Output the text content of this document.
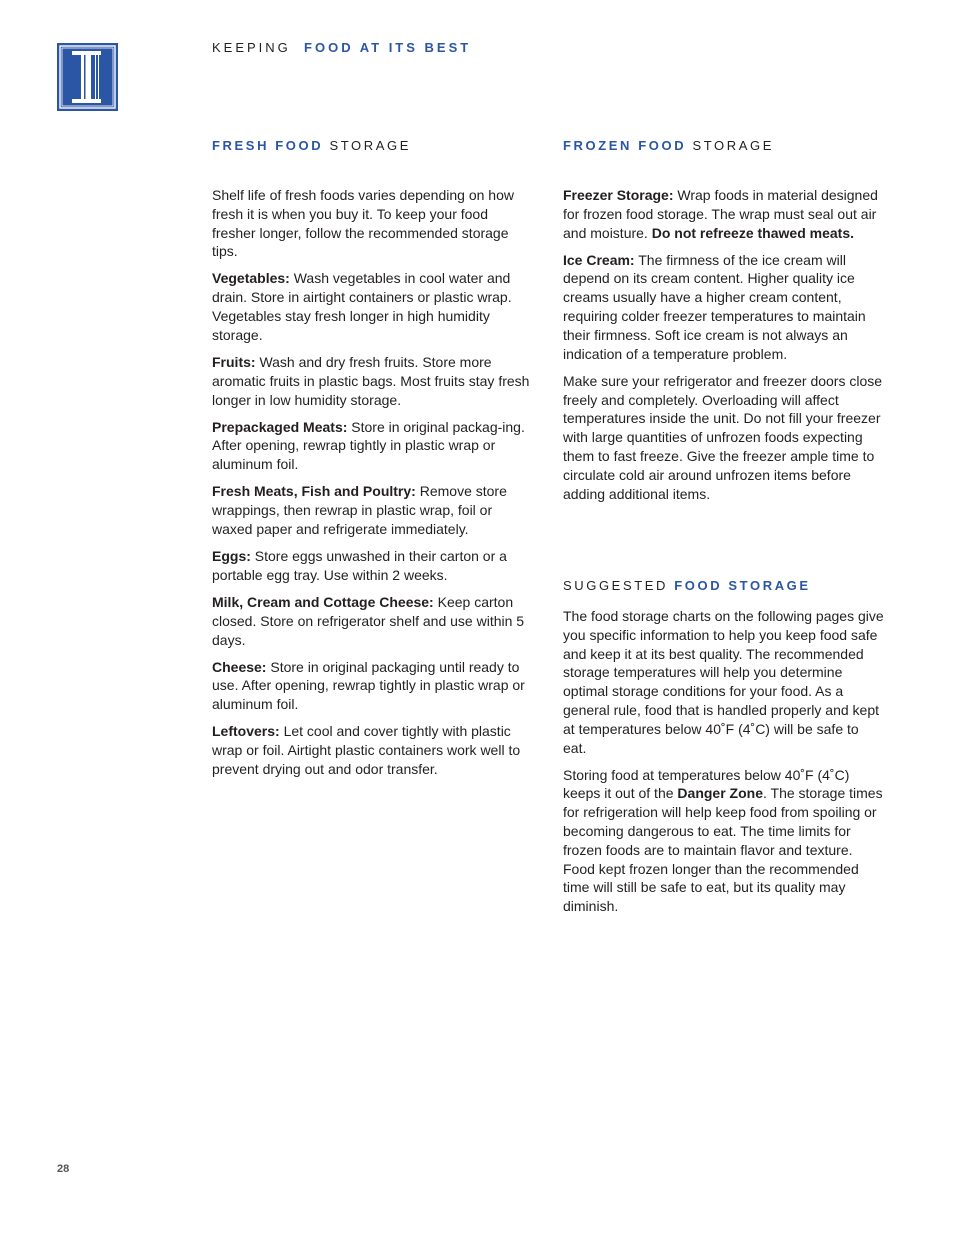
KEEPING FOOD AT ITS BEST
FRESH FOOD STORAGE	FROZEN FOOD STORAGE

Shelf life of fresh foods varies depending on how fresh it is when you buy it. To keep your food fresher longer, follow the recommended storage tips.

Vegetables: Wash vegetables in cool water and drain. Store in airtight containers or plastic wrap. Vegetables stay fresh longer in high humidity storage.

Fruits: Wash and dry fresh fruits. Store more aromatic fruits in plastic bags. Most fruits stay fresh longer in low humidity storage.

Prepackaged Meats: Store in original packag-ing. After opening, rewrap tightly in plastic wrap or aluminum foil.

Fresh Meats, Fish and Poultry: Remove store wrappings, then rewrap in plastic wrap, foil or waxed paper and refrigerate immediately.

Eggs: Store eggs unwashed in their carton or a portable egg tray. Use within 2 weeks.

Milk, Cream and Cottage Cheese: Keep carton closed. Store on refrigerator shelf and use within 5 days.

Cheese: Store in original packaging until ready to use. After opening, rewrap tightly in plastic wrap or aluminum foil.

Leftovers: Let cool and cover tightly with plastic wrap or foil. Airtight plastic containers work well to prevent drying out and odor transfer.

Freezer Storage: Wrap foods in material designed for frozen food storage. The wrap must seal out air and moisture. Do not refreeze thawed meats.

Ice Cream: The firmness of the ice cream will depend on its cream content. Higher quality ice creams usually have a higher cream content, requiring colder freezer temperatures to maintain their firmness. Soft ice cream is not always an indication of a temperature problem.

Make sure your refrigerator and freezer doors close freely and completely. Overloading will affect temperatures inside the unit. Do not fill your freezer with large quantities of unfrozen foods expecting them to fast freeze. Give the freezer ample time to circulate cold air around unfrozen items before adding additional items.

SUGGESTED FOOD STORAGE

The food storage charts on the following pages give you specific information to help you keep food safe and keep it at its best quality. The recommended storage temperatures will help you determine optimal storage conditions for your food. As a general rule, food that is handled properly and kept at temperatures below 40˚F (4˚C) will be safe to eat.

Storing food at temperatures below 40˚F (4˚C) keeps it out of the Danger Zone. The storage times for refrigeration will help keep food from spoiling or becoming dangerous to eat. The time limits for frozen foods are to maintain flavor and texture. Food kept frozen longer than the recommended time will still be safe to eat, but its quality may diminish.

28
